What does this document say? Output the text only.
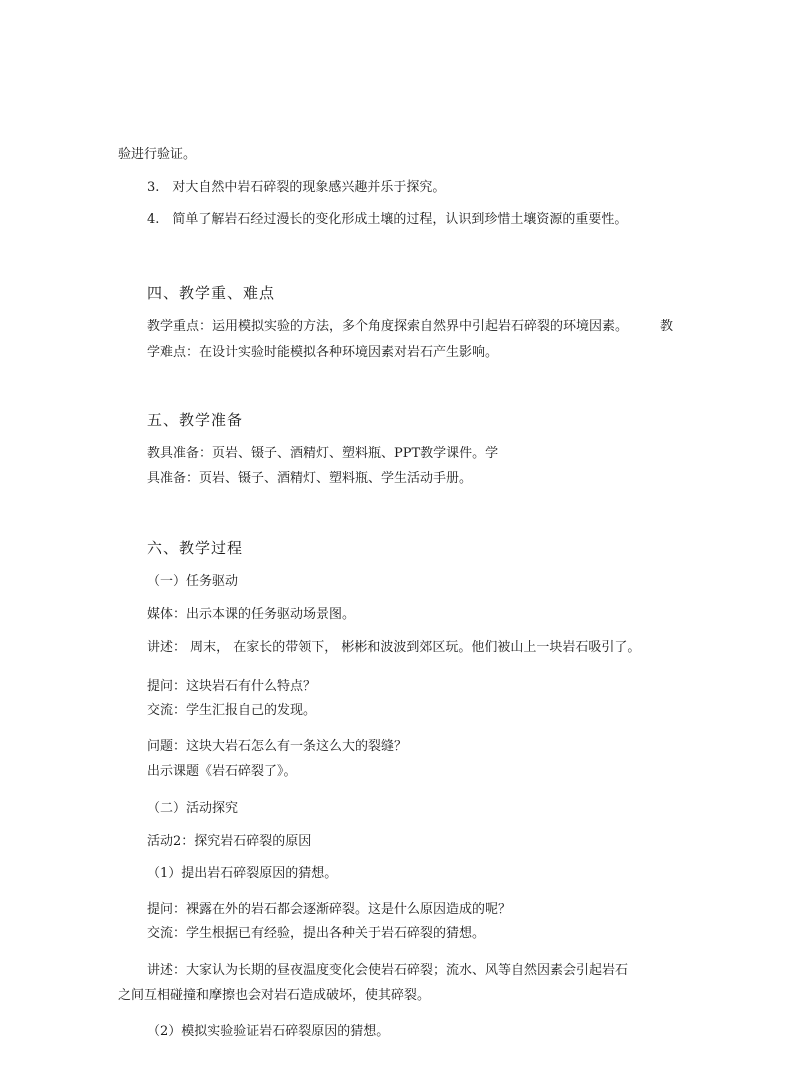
验进行验证。
3.　对大自然中岩石碎裂的现象感兴趣并乐于探究。
4.　简单了解岩石经过漫长的变化形成土壤的过程，认识到珍惜土壤资源的重要性。
四、教学重、难点
教学重点：运用模拟实验的方法，多个角度探索自然界中引起岩石碎裂的环境因素。 教
学难点：在设计实验时能模拟各种环境因素对岩石产生影响。
五、教学准备
教具准备：页岩、镊子、酒精灯、塑料瓶、PPT教学课件。学
具准备：页岩、镊子、酒精灯、塑料瓶、学生活动手册。
六、教学过程
（一）任务驱动
媒体：出示本课的任务驱动场景图。
讲述： 周末， 在家长的带领下， 彬彬和波波到郊区玩。他们被山上一块岩石吸引了。
提问：这块岩石有什么特点？
交流：学生汇报自己的发现。
问题：这块大岩石怎么有一条这么大的裂缝？
出示课题《岩石碎裂了》。
（二）活动探究
活动2：探究岩石碎裂的原因
（1）提出岩石碎裂原因的猜想。
提问：裸露在外的岩石都会逐渐碎裂。这是什么原因造成的呢？
交流：学生根据已有经验，提出各种关于岩石碎裂的猜想。
讲述：大家认为长期的昼夜温度变化会使岩石碎裂；流水、风等自然因素会引起岩石
之间互相碰撞和摩擦也会对岩石造成破坏，使其碎裂。
（2）模拟实验验证岩石碎裂原因的猜想。
